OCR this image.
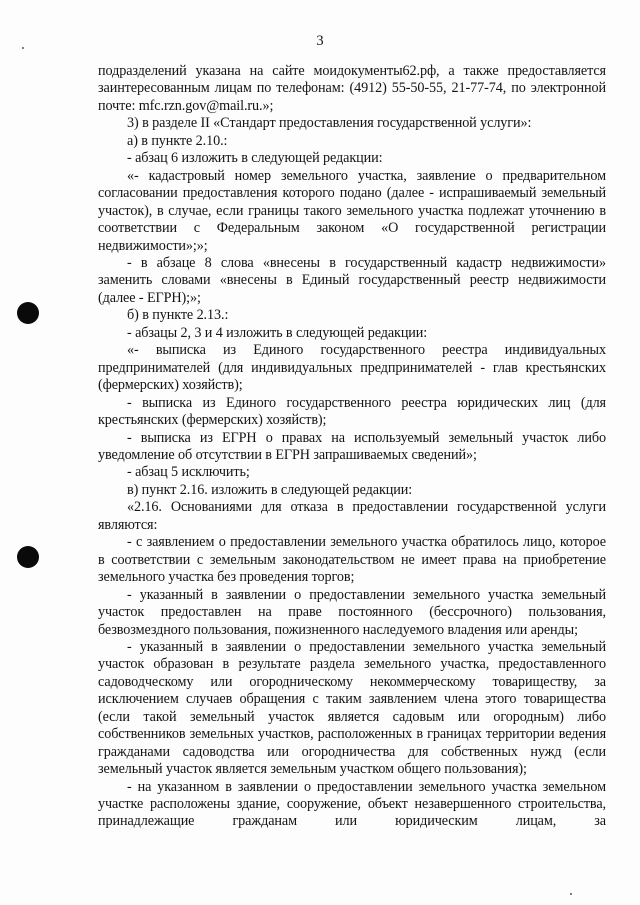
3

подразделений указана на сайте моидокументы62.рф, а также предоставляется заинтересованным лицам по телефонам: (4912) 55-50-55, 21-77-74, по электронной почте: mfc.rzn.gov@mail.ru.»;

3) в разделе II «Стандарт предоставления государственной услуги»:

а) в пункте 2.10.:

- абзац 6 изложить в следующей редакции:

«- кадастровый номер земельного участка, заявление о предварительном согласовании предоставления которого подано (далее - испрашиваемый земельный участок), в случае, если границы такого земельного участка подлежат уточнению в соответствии с Федеральным законом «О государственной регистрации недвижимости»;»;

- в абзаце 8 слова «внесены в государственный кадастр недвижимости» заменить словами «внесены в Единый государственный реестр недвижимости (далее - ЕГРН);»;

б) в пункте 2.13.:

- абзацы 2, 3 и 4 изложить в следующей редакции:

«- выписка из Единого государственного реестра индивидуальных предпринимателей (для индивидуальных предпринимателей - глав крестьянских (фермерских) хозяйств);

- выписка из Единого государственного реестра юридических лиц (для крестьянских (фермерских) хозяйств);

- выписка из ЕГРН о правах на используемый земельный участок либо уведомление об отсутствии в ЕГРН запрашиваемых сведений»;

- абзац 5 исключить;

в) пункт 2.16. изложить в следующей редакции:

«2.16. Основаниями для отказа в предоставлении государственной услуги являются:

- с заявлением о предоставлении земельного участка обратилось лицо, которое в соответствии с земельным законодательством не имеет права на приобретение земельного участка без проведения торгов;

- указанный в заявлении о предоставлении земельного участка земельный участок предоставлен на праве постоянного (бессрочного) пользования, безвозмездного пользования, пожизненного наследуемого владения или аренды;

- указанный в заявлении о предоставлении земельного участка земельный участок образован в результате раздела земельного участка, предоставленного садоводческому или огородническому некоммерческому товариществу, за исключением случаев обращения с таким заявлением члена этого товарищества (если такой земельный участок является садовым или огородным) либо собственников земельных участков, расположенных в границах территории ведения гражданами садоводства или огородничества для собственных нужд (если земельный участок является земельным участком общего пользования);

- на указанном в заявлении о предоставлении земельного участка земельном участке расположены здание, сооружение, объект незавершенного строительства, принадлежащие гражданам или юридическим лицам, за
